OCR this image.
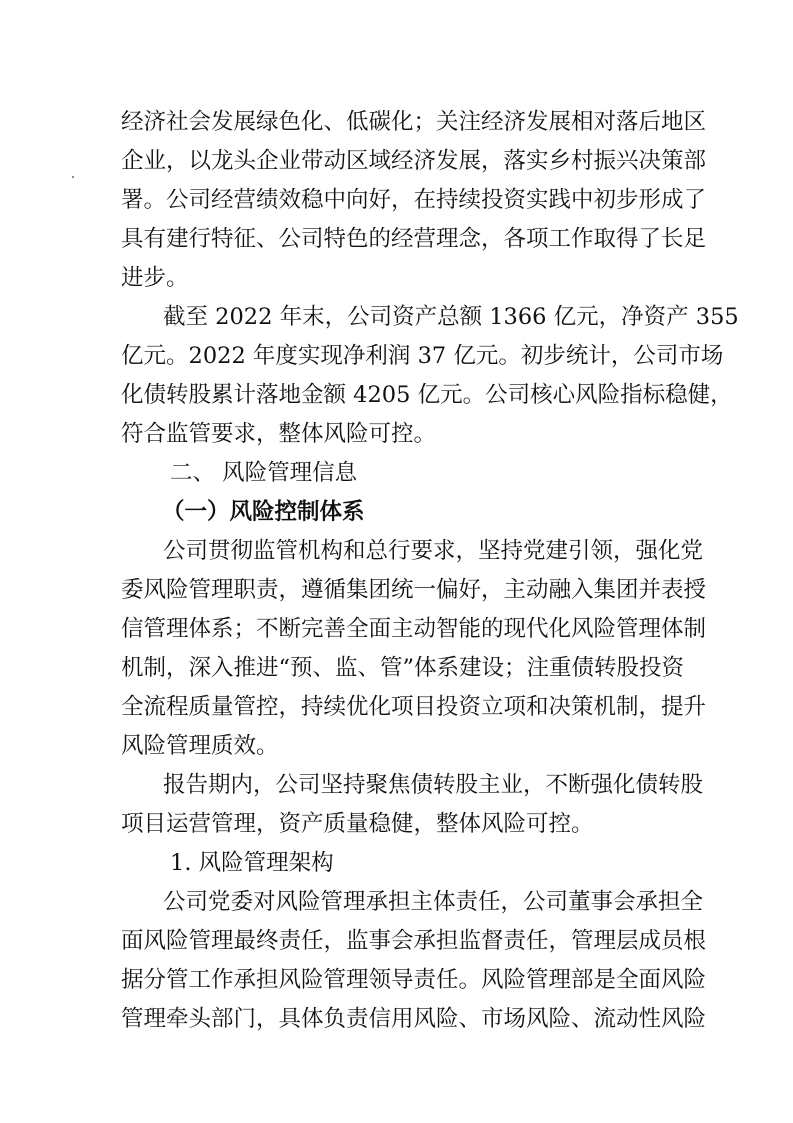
经济社会发展绿色化、低碳化；关注经济发展相对落后地区
企业，以龙头企业带动区域经济发展，落实乡村振兴决策部
署。公司经营绩效稳中向好，在持续投资实践中初步形成了
具有建行特征、公司特色的经营理念，各项工作取得了长足
进步。
截至 2022 年末，公司资产总额 1366 亿元，净资产 355
亿元。2022 年度实现净利润 37 亿元。初步统计，公司市场
化债转股累计落地金额 4205 亿元。公司核心风险指标稳健，
符合监管要求，整体风险可控。
二、 风险管理信息
（一）风险控制体系
公司贯彻监管机构和总行要求，坚持党建引领，强化党
委风险管理职责，遵循集团统一偏好，主动融入集团并表授
信管理体系；不断完善全面主动智能的现代化风险管理体制
机制，深入推进“预、监、管”体系建设；注重债转股投资
全流程质量管控，持续优化项目投资立项和决策机制，提升
风险管理质效。
报告期内，公司坚持聚焦债转股主业，不断强化债转股
项目运营管理，资产质量稳健，整体风险可控。
1. 风险管理架构
公司党委对风险管理承担主体责任，公司董事会承担全
面风险管理最终责任，监事会承担监督责任，管理层成员根
据分管工作承担风险管理领导责任。风险管理部是全面风险
管理牵头部门，具体负责信用风险、市场风险、流动性风险
